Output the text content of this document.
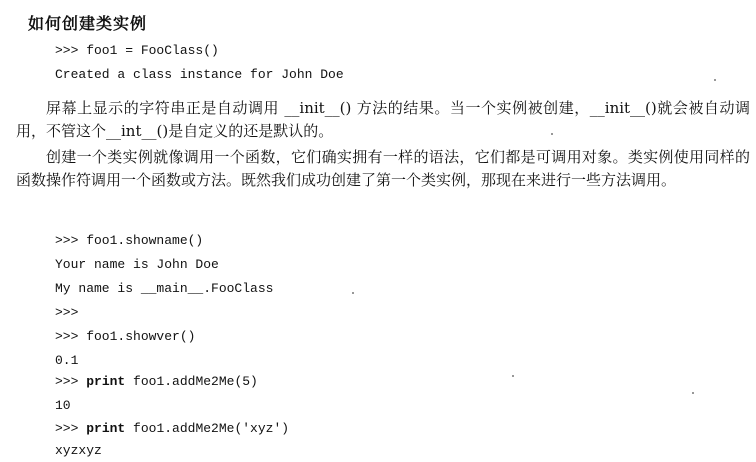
如何创建类实例
>>> foo1 = FooClass()
Created a class instance for John Doe

屏幕上显示的字符串正是自动调用 __init__() 方法的结果。当一个实例被创建，__init__()就会被自动调用，不管这个__int__()是自定义的还是默认的。

创建一个类实例就像调用一个函数，它们确实拥有一样的语法，它们都是可调用对象。类实例使用同样的函数操作符调用一个函数或方法。既然我们成功创建了第一个类实例，那现在来进行一些方法调用。

>>> foo1.showname()
Your name is John Doe
My name is __main__.FooClass
>>>
>>> foo1.showver()
0.1
>>> print foo1.addMe2Me(5)
10
>>> print foo1.addMe2Me('xyz')
xyzxyz
